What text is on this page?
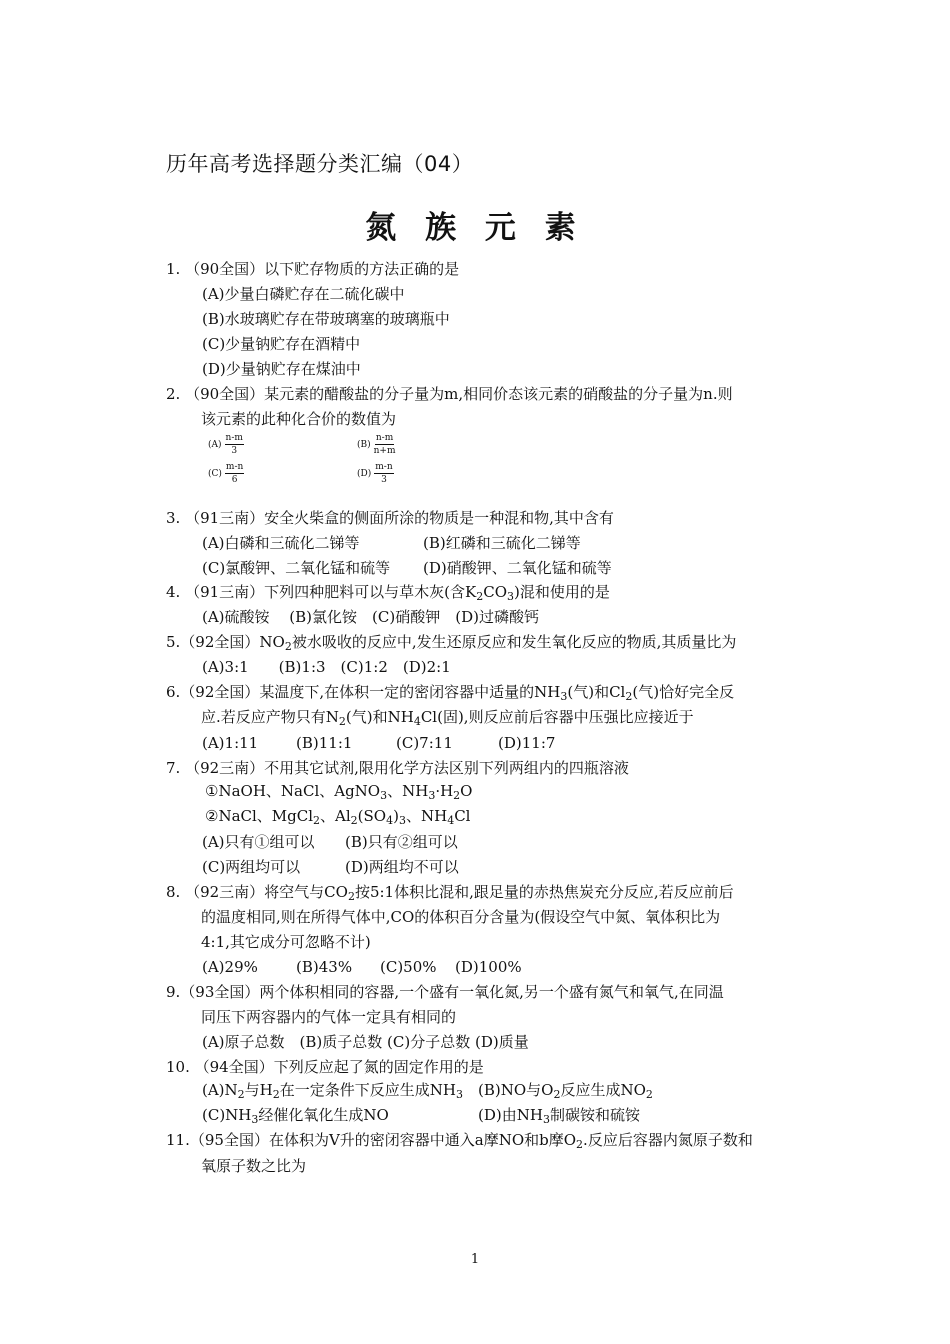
历年高考选择题分类汇编（04）
氮 族 元 素
1. （90全国）以下贮存物质的方法正确的是
(A)少量白磷贮存在二硫化碳中
(B)水玻璃贮存在带玻璃塞的玻璃瓶中
(C)少量钠贮存在酒精中
(D)少量钠贮存在煤油中
2. （90全国）某元素的醋酸盐的分子量为m,相同价态该元素的硝酸盐的分子量为n.则
该元素的此种化合价的数值为
$(A) \frac{n-m}{3}$	$(B) \frac{n-m}{n+m}$
$(C) \frac{m-n}{6}$	$(D) \frac{m-n}{3}$
3. （91三南）安全火柴盒的侧面所涂的物质是一种混和物,其中含有
(A)白磷和三硫化二锑等	(B)红磷和三硫化二锑等
(C)氯酸钾、二氧化锰和硫等 (D)硝酸钾、二氧化锰和硫等
4. （91三南）下列四种肥料可以与草木灰(含$K_2CO_3$)混和使用的是
(A)硫酸铵　 (B)氯化铵　(C)硝酸钾　(D)过磷酸钙
5.（92全国）$NO_2$被水吸收的反应中,发生还原反应和发生氧化反应的物质,其质量比为
(A)3:1　　(B)1:3　(C)1:2　(D)2:1
6.（92全国）某温度下,在体积一定的密闭容器中适量的$NH_3$(气)和$Cl_2$(气)恰好完全反
应.若反应产物只有$N_2$(气)和$NH_4Cl$(固),则反应前后容器中压强比应接近于
(A)1:11	(B)11:1	(C)7:11	(D)11:7
7. （92三南）不用其它试剂,限用化学方法区别下列两组内的四瓶溶液
①NaOH、NaCl、AgNO$_3$、$NH_3\cdot H_2O$
②NaCl、MgCl$_2$、$Al_2(SO_4)_3$、$NH_4Cl$
(A)只有①组可以 (B)只有②组可以
(C)两组均可以	(D)两组均不可以
8. （92三南）将空气与$CO_2$按5:1体积比混和,跟足量的赤热焦炭充分反应,若反应前后
的温度相同,则在所得气体中,CO的体积百分含量为(假设空气中氮、氧体积比为
4:1,其它成分可忽略不计)
(A)29%	(B)43% (C)50% (D)100%
9.（93全国）两个体积相同的容器,一个盛有一氧化氮,另一个盛有氮气和氧气,在同温
同压下两容器内的气体一定具有相同的
(A)原子总数　(B)质子总数 (C)分子总数 (D)质量
10. （94全国）下列反应起了氮的固定作用的是
$(A)N_2$与$H_2$在一定条件下反应生成$NH_3$ (B)NO与$O_2$反应生成$NO_2$
$(C)NH_3$经催化氧化生成NO	(D)由$NH_3$制碳铵和硫铵
11.（95全国）在体积为V升的密闭容器中通入a摩NO和b摩$O_2$.反应后容器内氮原子数和
氧原子数之比为
1
